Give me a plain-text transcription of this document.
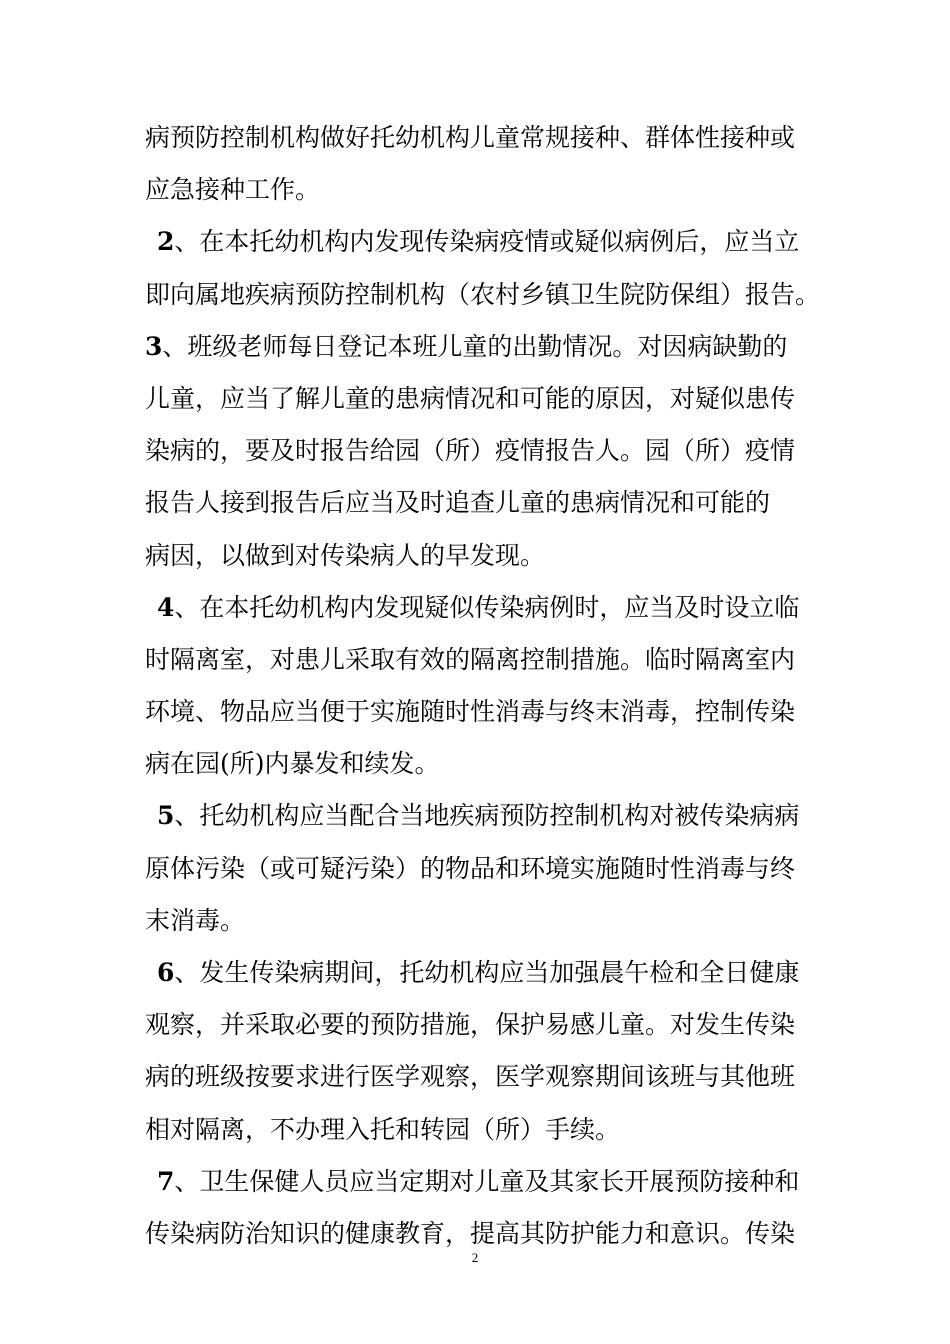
病预防控制机构做好托幼机构儿童常规接种、群体性接种或
应急接种工作。
2、在本托幼机构内发现传染病疫情或疑似病例后，应当立
即向属地疾病预防控制机构（农村乡镇卫生院防保组）报告。
3、班级老师每日登记本班儿童的出勤情况。对因病缺勤的
儿童，应当了解儿童的患病情况和可能的原因，对疑似患传
染病的，要及时报告给园（所）疫情报告人。园（所）疫情
报告人接到报告后应当及时追查儿童的患病情况和可能的
病因，以做到对传染病人的早发现。
4、在本托幼机构内发现疑似传染病例时，应当及时设立临
时隔离室，对患儿采取有效的隔离控制措施。临时隔离室内
环境、物品应当便于实施随时性消毒与终末消毒，控制传染
病在园(所)内暴发和续发。
5、托幼机构应当配合当地疾病预防控制机构对被传染病病
原体污染（或可疑污染）的物品和环境实施随时性消毒与终
末消毒。
6、发生传染病期间，托幼机构应当加强晨午检和全日健康
观察，并采取必要的预防措施，保护易感儿童。对发生传染
病的班级按要求进行医学观察，医学观察期间该班与其他班
相对隔离，不办理入托和转园（所）手续。
7、卫生保健人员应当定期对儿童及其家长开展预防接种和
传染病防治知识的健康教育，提高其防护能力和意识。传染
2
